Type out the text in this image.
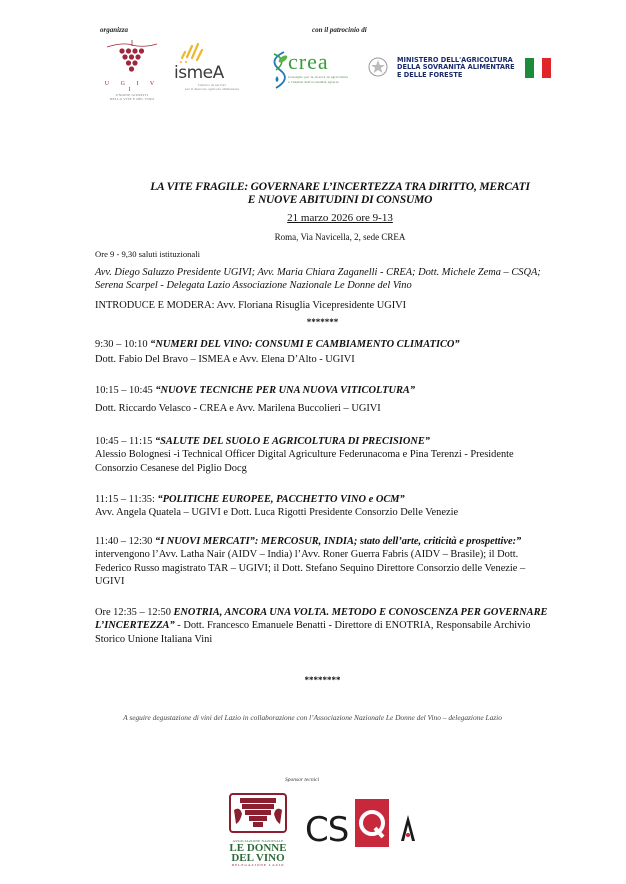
organizza	con il patrocinio di
U G I V I
UNIONE GIURISTI
DELLA VITE E DEL VINO
ismeA
Istituto di servizi
per il mercato agricolo alimentare
crea
Consiglio per la ricerca in agricoltura
e l'analisi dell'economia agraria
MINISTERO DELL'AGRICOLTURA
DELLA SOVRANITÀ ALIMENTARE
E DELLE FORESTE
LA VITE FRAGILE: GOVERNARE L’INCERTEZZA TRA DIRITTO, MERCATI
E NUOVE ABITUDINI DI CONSUMO
21 marzo 2026 ore 9-13
Roma, Via Navicella, 2, sede CREA
Ore 9 - 9,30 saluti istituzionali
Avv. Diego Saluzzo Presidente UGIVI; Avv. Maria Chiara Zaganelli - CREA; Dott. Michele Zema – CSQA; Serena Scarpel - Delegata Lazio Associazione Nazionale Le Donne del Vino
INTRODUCE E MODERA: Avv. Floriana Risuglia Vicepresidente UGIVI
*******
9:30 – 10:10 “NUMERI DEL VINO: CONSUMI E CAMBIAMENTO CLIMATICO”
Dott. Fabio Del Bravo – ISMEA e Avv. Elena D’Alto - UGIVI
10:15 – 10:45 “NUOVE TECNICHE PER UNA NUOVA VITICOLTURA”
Dott. Riccardo Velasco - CREA e Avv. Marilena Buccolieri – UGIVI
10:45 – 11:15 “SALUTE DEL SUOLO E AGRICOLTURA DI PRECISIONE”
Alessio Bolognesi -i Technical Officer Digital Agriculture Federunacoma e Pina Terenzi - Presidente Consorzio Cesanese del Piglio Docg
11:15 – 11:35: “POLITICHE EUROPEE, PACCHETTO VINO e OCM”
Avv. Angela Quatela – UGIVI e Dott. Luca Rigotti Presidente Consorzio Delle Venezie
11:40 – 12:30 “I NUOVI MERCATI”: MERCOSUR, INDIA; stato dell’arte, criticità e prospettive:” intervengono l’Avv. Latha Nair (AIDV – India) l’Avv. Roner Guerra Fabris (AIDV – Brasile); il Dott. Federico Russo magistrato TAR – UGIVI; il Dott. Stefano Sequino Direttore Consorzio delle Venezie – UGIVI
Ore 12:35 – 12:50 ENOTRIA, ANCORA UNA VOLTA. METODO E CONOSCENZA PER GOVERNARE L’INCERTEZZA” - Dott. Francesco Emanuele Benatti - Direttore di ENOTRIA, Responsabile Archivio Storico Unione Italiana Vini
********
A seguire degustazione di vini del Lazio in collaborazione con l’Associazione Nazionale Le Donne del Vino – delegazione Lazio
Sponsor tecnici
ASSOCIAZIONE NAZIONALE
LE DONNE
DEL VINO
DELEGAZIONE LAZIO
CS
